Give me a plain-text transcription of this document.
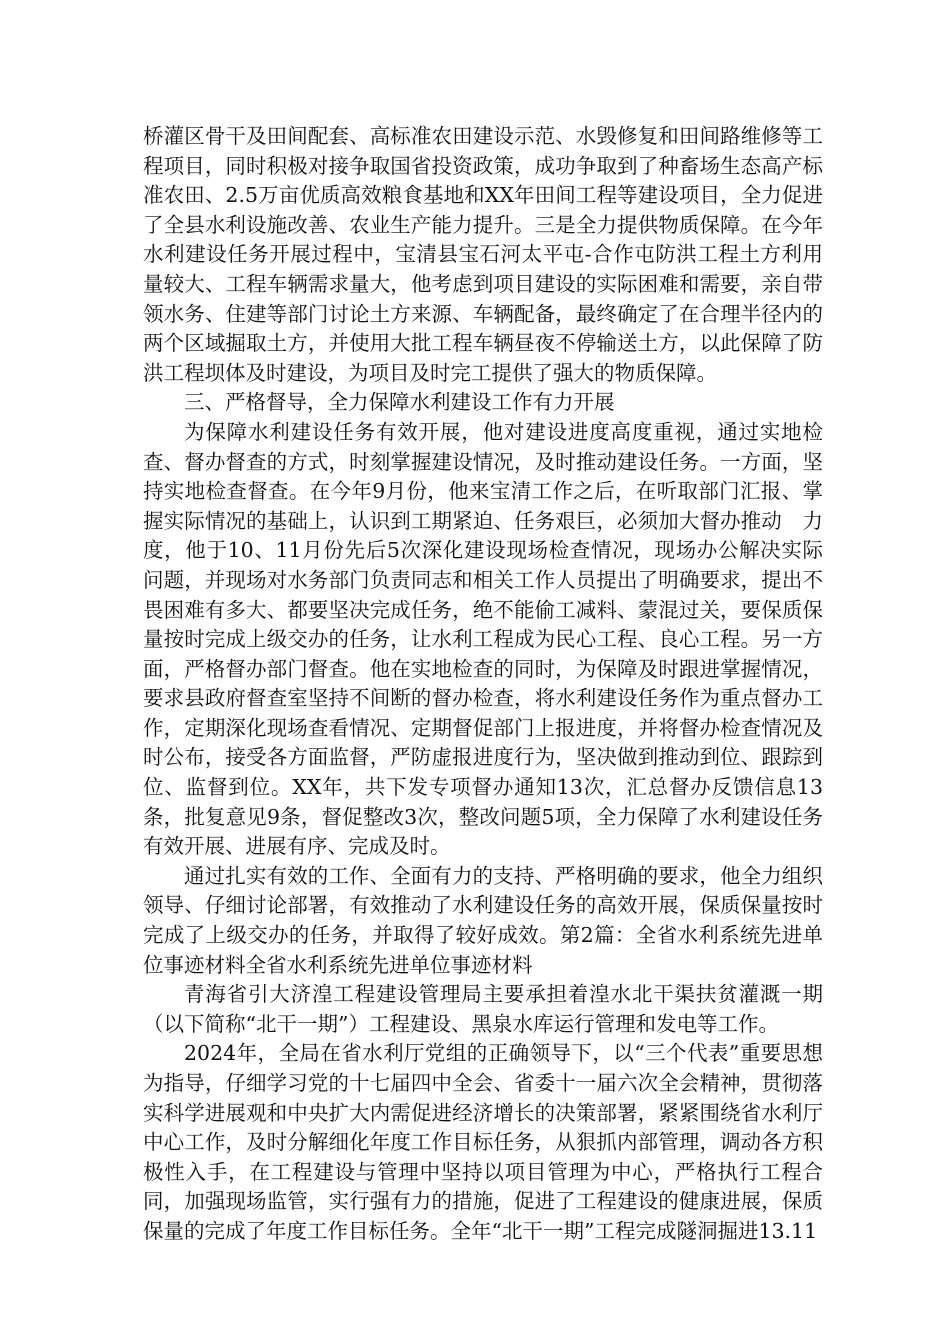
桥灌区骨干及田间配套、高标准农田建设示范、水毁修复和田间路维修等工程项目，同时积极对接争取国省投资政策，成功争取到了种畜场生态高产标准农田、2.5万亩优质高效粮食基地和XX年田间工程等建设项目，全力促进了全县水利设施改善、农业生产能力提升。三是全力提供物质保障。在今年水利建设任务开展过程中，宝清县宝石河太平屯-合作屯防洪工程土方利用量较大、工程车辆需求量大，他考虑到项目建设的实际困难和需要，亲自带领水务、住建等部门讨论土方来源、车辆配备，最终确定了在合理半径内的两个区域掘取土方，并使用大批工程车辆昼夜不停输送土方，以此保障了防洪工程坝体及时建设，为项目及时完工提供了强大的物质保障。

三、严格督导，全力保障水利建设工作有力开展

为保障水利建设任务有效开展，他对建设进度高度重视，通过实地检查、督办督查的方式，时刻掌握建设情况，及时推动建设任务。一方面，坚持实地检查督查。在今年9月份，他来宝清工作之后，在听取部门汇报、掌握实际情况的基础上，认识到工期紧迫、任务艰巨，必须加大督办推动　力度，他于10、11月份先后5次深化建设现场检查情况，现场办公解决实际问题，并现场对水务部门负责同志和相关工作人员提出了明确要求，提出不畏困难有多大、都要坚决完成任务，绝不能偷工减料、蒙混过关，要保质保量按时完成上级交办的任务，让水利工程成为民心工程、良心工程。另一方面，严格督办部门督查。他在实地检查的同时，为保障及时跟进掌握情况，要求县政府督查室坚持不间断的督办检查，将水利建设任务作为重点督办工作，定期深化现场查看情况、定期督促部门上报进度，并将督办检查情况及时公布，接受各方面监督，严防虚报进度行为，坚决做到推动到位、跟踪到位、监督到位。XX年，共下发专项督办通知13次，汇总督办反馈信息13条，批复意见9条，督促整改3次，整改问题5项，全力保障了水利建设任务有效开展、进展有序、完成及时。

通过扎实有效的工作、全面有力的支持、严格明确的要求，他全力组织领导、仔细讨论部署，有效推动了水利建设任务的高效开展，保质保量按时完成了上级交办的任务，并取得了较好成效。第2篇：全省水利系统先进单位事迹材料全省水利系统先进单位事迹材料

青海省引大济湟工程建设管理局主要承担着湟水北干渠扶贫灌溉一期（以下简称“北干一期”）工程建设、黑泉水库运行管理和发电等工作。

2024年，全局在省水利厅党组的正确领导下，以“三个代表”重要思想为指导，仔细学习党的十七届四中全会、省委十一届六次全会精神，贯彻落实科学进展观和中央扩大内需促进经济增长的决策部署，紧紧围绕省水利厅中心工作，及时分解细化年度工作目标任务，从狠抓内部管理，调动各方积极性入手，在工程建设与管理中坚持以项目管理为中心，严格执行工程合同，加强现场监管，实行强有力的措施，促进了工程建设的健康进展，保质保量的完成了年度工作目标任务。全年“北干一期”工程完成隧洞掘进13.11
